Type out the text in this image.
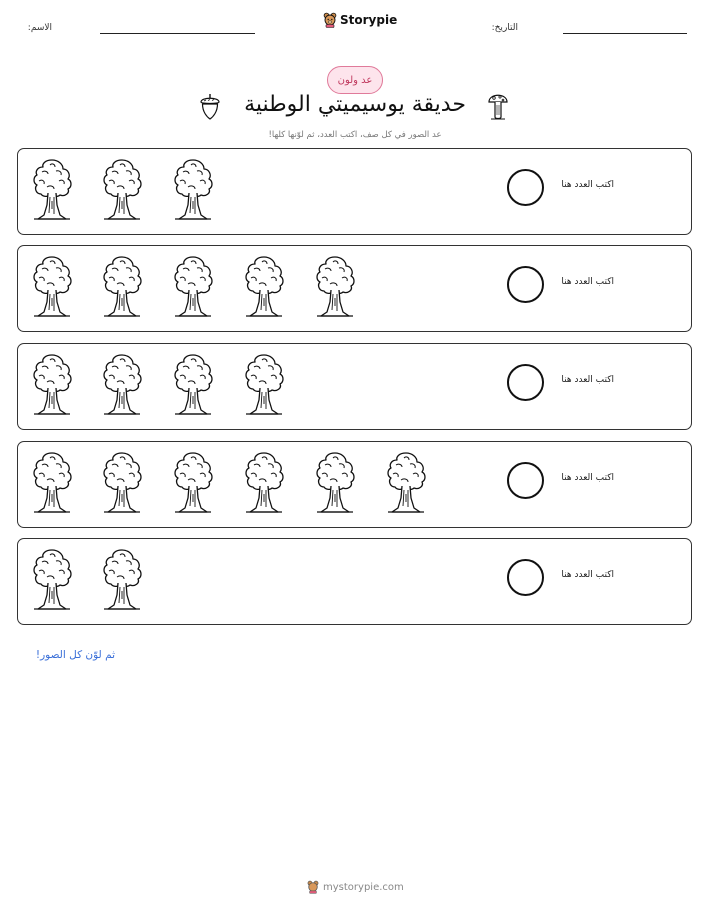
الاسم:
Storypie
التاريخ:
عد ولون
حديقة يوسيميتي الوطنية
عد الصور في كل صف، اكتب العدد، ثم لوّنها كلها!
اكتب العدد هنا
اكتب العدد هنا
اكتب العدد هنا
اكتب العدد هنا
اكتب العدد هنا
ثم لوّن كل الصور!
mystorypie.com
